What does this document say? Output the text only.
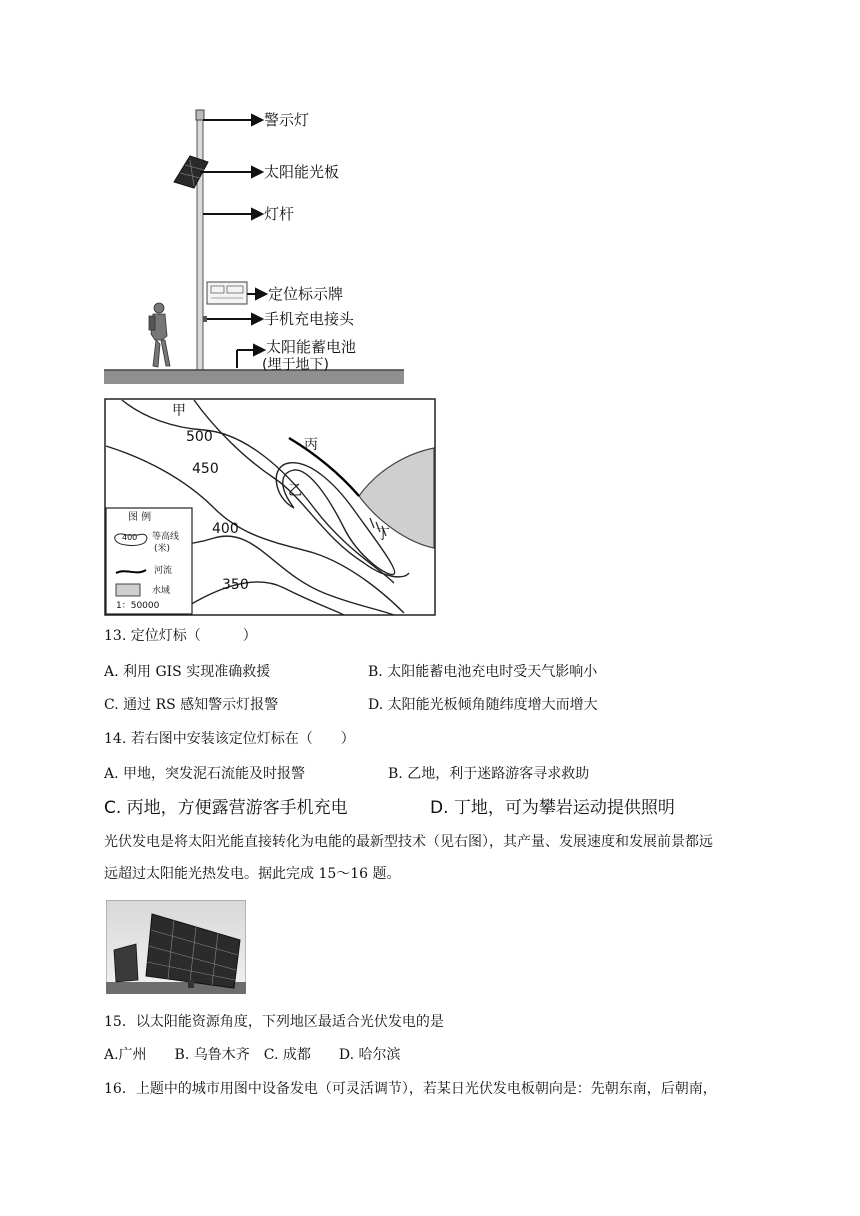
警示灯
太阳能光板
灯杆
定位标示牌
手机充电接头
太阳能蓄电池
(埋于地下)
甲
乙
丙
丁
500
450
400
350
图 例
400 等高线
(米)
河流
水域
1：50000
13. 定位灯标（　　　）
A. 利用 GIS 实现准确救援	B. 太阳能蓄电池充电时受天气影响小
C. 通过 RS 感知警示灯报警	D. 太阳能光板倾角随纬度增大而增大
14. 若右图中安装该定位灯标在（　　）
A. 甲地，突发泥石流能及时报警	B. 乙地，利于迷路游客寻求救助
C. 丙地，方便露营游客手机充电	D. 丁地，可为攀岩运动提供照明
光伏发电是将太阳光能直接转化为电能的最新型技术（见右图），其产量、发展速度和发展前景都远
远超过太阳能光热发电。据此完成 15～16 题。
15．以太阳能资源角度，下列地区最适合光伏发电的是
A.广州　　B. 乌鲁木齐　C. 成都　　D. 哈尔滨
16．上题中的城市用图中设备发电（可灵活调节），若某日光伏发电板朝向是：先朝东南，后朝南，
